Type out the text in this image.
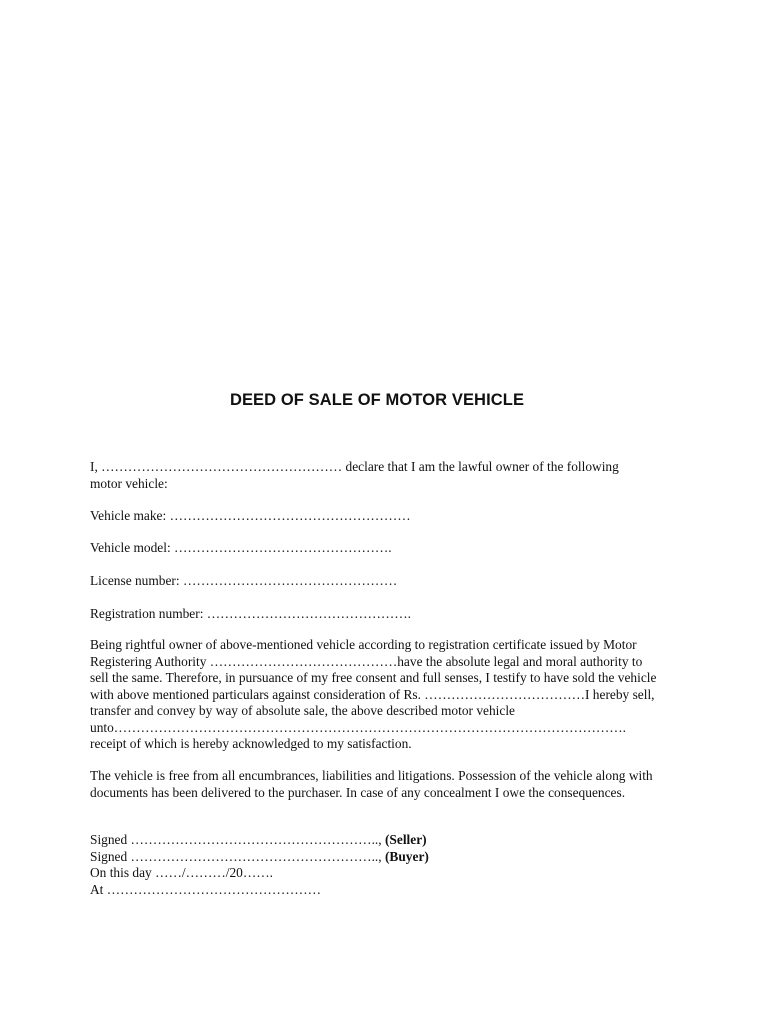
DEED OF SALE OF MOTOR VEHICLE
I, ……………………………………………… declare that I am the lawful owner of the following
motor vehicle:
Vehicle make: ………………………………………………
Vehicle model: ………………………………………….
License number: …………………………………………
Registration number: ……………………………………….
Being rightful owner of above-mentioned vehicle according to registration certificate issued by Motor
Registering Authority ……………………………………have the absolute legal and moral authority to
sell the same. Therefore, in pursuance of my free consent and full senses, I testify to have sold the vehicle
with above mentioned particulars against consideration of Rs. ………………………………I hereby sell,
transfer and convey by way of absolute sale, the above described motor vehicle
unto…………………………………………………………………………………………………….
receipt of which is hereby acknowledged to my satisfaction.
The vehicle is free from all encumbrances, liabilities and litigations. Possession of the vehicle along with
documents has been delivered to the purchaser. In case of any concealment I owe the consequences.
Signed ……………………………………………….., (Seller)
Signed ……………………………………………….., (Buyer)
On this day ……/………/20…….
At …………………………………………
